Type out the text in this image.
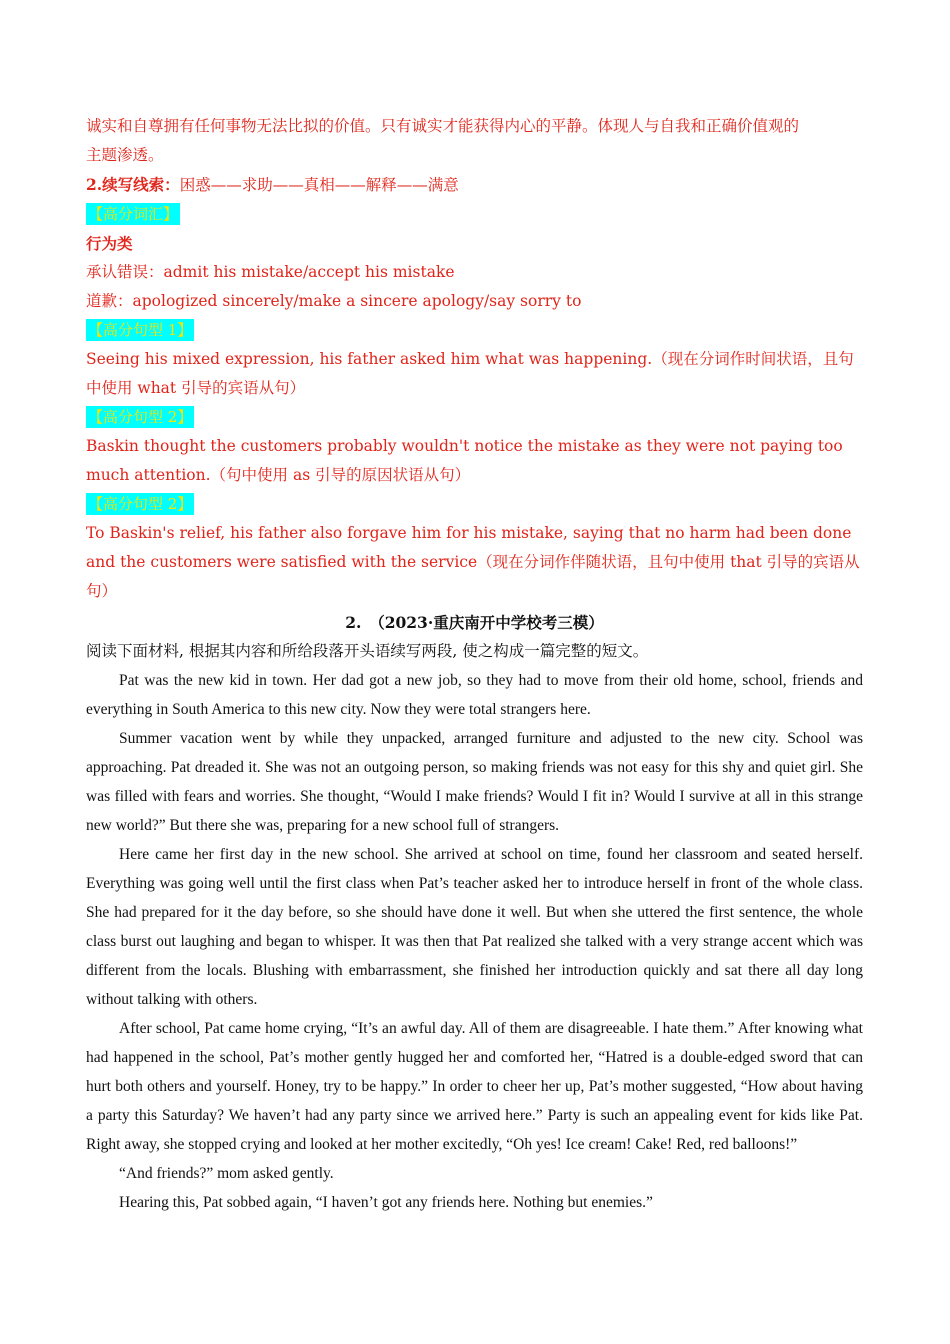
诚实和自尊拥有任何事物无法比拟的价值。只有诚实才能获得内心的平静。体现人与自我和正确价值观的

主题渗透。

2.续写线索：困惑——求助——真相——解释——满意

【高分词汇】

行为类

承认错误：admit his mistake/accept his mistake

道歉：apologized sincerely/make a sincere apology/say sorry to

【高分句型 1】

Seeing his mixed expression, his father asked him what was happening.（现在分词作时间状语，且句中使用 what 引导的宾语从句）

【高分句型 2】

Baskin thought the customers probably wouldn't notice the mistake as they were not paying too much attention.（句中使用 as 引导的原因状语从句）

【高分句型 2】

To Baskin's relief, his father also forgave him for his mistake, saying that no harm had been done and the customers were satisfied with the service（现在分词作伴随状语，且句中使用 that 引导的宾语从句）

2.　（2023·重庆南开中学校考三模）

阅读下面材料, 根据其内容和所给段落开头语续写两段, 使之构成一篇完整的短文。

Pat was the new kid in town. Her dad got a new job, so they had to move from their old home, school, friends and everything in South America to this new city. Now they were total strangers here.

Summer vacation went by while they unpacked, arranged furniture and adjusted to the new city. School was approaching. Pat dreaded it. She was not an outgoing person, so making friends was not easy for this shy and quiet girl. She was filled with fears and worries. She thought, “Would I make friends? Would I fit in? Would I survive at all in this strange new world?” But there she was, preparing for a new school full of strangers.

Here came her first day in the new school. She arrived at school on time, found her classroom and seated herself. Everything was going well until the first class when Pat’s teacher asked her to introduce herself in front of the whole class. She had prepared for it the day before, so she should have done it well. But when she uttered the first sentence, the whole class burst out laughing and began to whisper. It was then that Pat realized she talked with a very strange accent which was different from the locals. Blushing with embarrassment, she finished her introduction quickly and sat there all day long without talking with others.

After school, Pat came home crying, “It’s an awful day. All of them are disagreeable. I hate them.” After knowing what had happened in the school, Pat’s mother gently hugged her and comforted her, “Hatred is a double-edged sword that can hurt both others and yourself. Honey, try to be happy.” In order to cheer her up, Pat’s mother suggested, “How about having a party this Saturday? We haven’t had any party since we arrived here.” Party is such an appealing event for kids like Pat. Right away, she stopped crying and looked at her mother excitedly, “Oh yes! Ice cream! Cake! Red, red balloons!”

“And friends?” mom asked gently.

Hearing this, Pat sobbed again, “I haven’t got any friends here. Nothing but enemies.”
